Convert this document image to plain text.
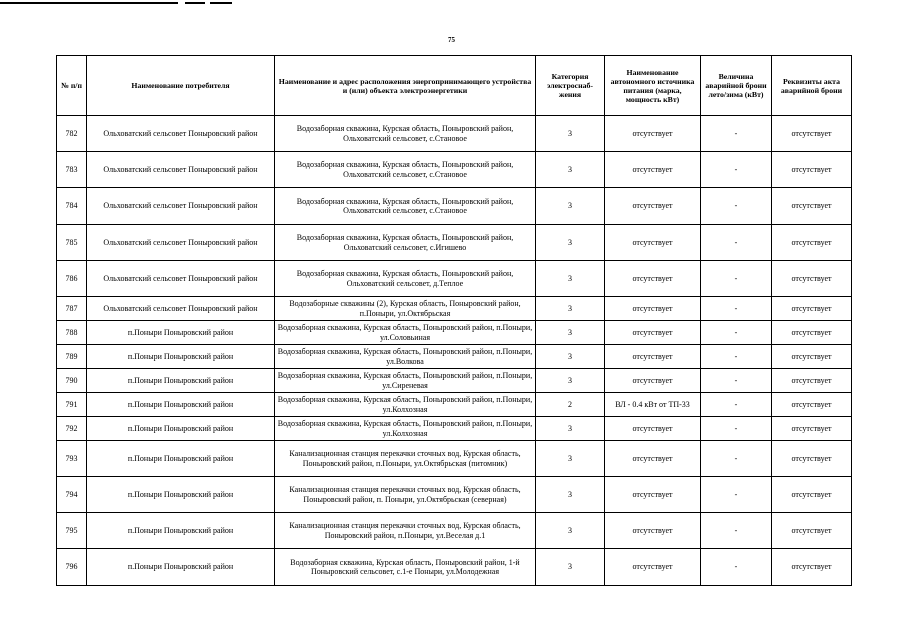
75
№ п/п	Наименование потребителя	Наименование и адрес расположения энергопринимающего устройства и (или) объекта электроэнергетики	Категория электроснаб-жения	Наименование автономного источника питания (марка, мощность кВт)	Величина аварийной брони лето/зима (кВт)	Реквизиты акта аварийной брони
782	Ольховатский сельсовет Поныровский район	Водозаборная скважина, Курская область, Поныровский район, Ольховатский сельсовет, с.Становое	3	отсутствует	-	отсутствует
783	Ольховатский сельсовет Поныровский район	Водозаборная скважина, Курская область, Поныровский район, Ольховатский сельсовет, с.Становое	3	отсутствует	-	отсутствует
784	Ольховатский сельсовет Поныровский район	Водозаборная скважина, Курская область, Поныровский район, Ольховатский сельсовет, с.Становое	3	отсутствует	-	отсутствует
785	Ольховатский сельсовет Поныровский район	Водозаборная скважина, Курская область, Поныровский район, Ольховатский сельсовет, с.Игишево	3	отсутствует	-	отсутствует
786	Ольховатский сельсовет Поныровский район	Водозаборная скважина, Курская область, Поныровский район, Ольховатский сельсовет, д.Теплое	3	отсутствует	-	отсутствует
787	Ольховатский сельсовет Поныровский район	Водозаборные скважины (2), Курская область, Поныровский район, п.Поныри, ул.Октябрьская	3	отсутствует	-	отсутствует
788	п.Поныри Поныровский район	Водозаборная скважина, Курская область, Поныровский район, п.Поныри, ул.Соловьиная	3	отсутствует	-	отсутствует
789	п.Поныри Поныровский район	Водозаборная скважина, Курская область, Поныровский район, п.Поныри, ул.Волкова	3	отсутствует	-	отсутствует
790	п.Поныри Поныровский район	Водозаборная скважина, Курская область, Поныровский район, п.Поныри, ул.Сиреневая	3	отсутствует	-	отсутствует
791	п.Поныри Поныровский район	Водозаборная скважина, Курская область, Поныровский район, п.Поныри, ул.Колхозная	2	ВЛ - 0.4 кВт от ТП-33	-	отсутствует
792	п.Поныри Поныровский район	Водозаборная скважина, Курская область, Поныровский район, п.Поныри, ул.Колхозная	3	отсутствует	-	отсутствует
793	п.Поныри Поныровский район	Канализационная станция перекачки сточных вод, Курская область, Поныровский район, п.Поныри, ул.Октябрьская (питомник)	3	отсутствует	-	отсутствует
794	п.Поныри Поныровский район	Канализационная станция перекачки сточных вод, Курская область, Поныровский район, п. Поныри, ул.Октябрьская (северная)	3	отсутствует	-	отсутствует
795	п.Поныри Поныровский район	Канализационная станция перекачки сточных вод, Курская область, Поныровский район, п.Поныри, ул.Веселая д.1	3	отсутствует	-	отсутствует
796	п.Поныри Поныровский район	Водозаборная скважина, Курская область, Поныровский район, 1-й Поныровский сельсовет, с.1-е Поныри, ул.Молодежная	3	отсутствует	-	отсутствует
